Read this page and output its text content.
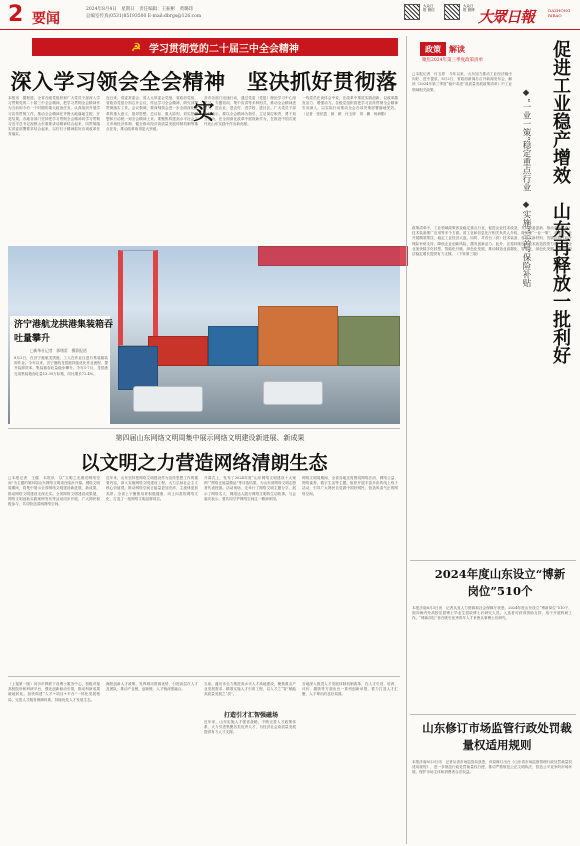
2 要闻
2024年8月4日　星期日　责任编辑：王振彬　黄璐玮
总编室传真(0531)85193500 E-mail:dbrgs@126.com
大众日报 微信
大众日报 微博 大眾日報	DAZHONG RIBAO
☭ 学习贯彻党的二十届三中全会精神
深入学习领会全会精神　坚决抓好贯彻落实
本报讯　据报道，全省各级党组织和广大党员干部深入学习贯彻党的二十届三中全会精神，把学习贯彻全会精神作为当前和今后一个时期的重大政治任务，认真组织开展学习宣传贯彻工作，推动全会精神在齐鲁大地落地生根、开花结果。各地各部门坚持把学习贯彻全会精神同学习贯彻习近平总书记视察山东重要讲话精神结合起来，同贯彻落实省委部署要求结合起来，以钉钉子精神抓好各项改革任务落实。
连日来，省委常委会、省人大常委会党组、省政府党组、省政协党组分别召开会议，传达学习全会精神，研究部署贯彻落实工作。会议强调，要深刻领会进一步全面深化改革的重大意义、指导思想、总目标、重大原则，切实把思想和行动统一到全会精神上来。要聚焦构建高水平社会主义市场经济体制、健全推动经济高质量发展体制机制等重点任务，推动改革取得更大突破。
各市各部门迅速行动，通过党委（党组）理论学习中心组学习、专题培训、集中宣讲等多种形式，推动全会精神进机关、进企业、进农村、进学校、进社区。广大党员干部纷纷表示，要以全会精神为指引，立足岗位职责，勇于担当作为，在全面深化改革中展现新作为，在推进中国式现代化山东实践中作出新贡献。
一线党员在谈体会中说，在改革中推进实践创新，以改革激发活力、增强动力。各级党组织将把学习宣传贯彻全会精神引向深入，以实际行动推动全会各项决策部署落地见效。（记者　张依盈　薛　颖　付玉婷　刘　鹏　杨润勤）
济宁港航龙拱港集装箱吞吐量攀升
□新华社记者　郭绪雷　摄影报道
8月2日，在济宁港航龙拱港，工人在作业区进行集装箱装卸作业。今年以来，济宁港航龙拱港持续优化作业流程，提升装卸效率，集装箱吞吐量稳步攀升。今年1-7月，龙拱港完成集装箱吞吐量13.39万标箱，同比增长72.4%。
第四届山东网络文明周集中展示网络文明建设新进展、新成果
以文明之力营造网络清朗生态
□本报记者　王健　本报讯　以“文明之光照亮网络空间”为主题的第四届山东网络文明周在临沂开幕。网络文明周期间，将集中展示全省网络文明建设新进展、新成果，推动网络文明建设走深走实。全省网络文明建设成果展、网络文明创新实践案例发布等活动同步开展，广大网民积极参与，共同营造清朗网络空间。
近年来，山东坚持把网络文明建设作为宣传思想工作的重要内容，深入实施网络文明建设工程，大力弘扬社会主义核心价值观，推动网络空间正能量更加充沛、主旋律更加高昂。全省上下聚焦培育积极健康、向上向善的网络文化，打造了一批网络文明品牌项目。
开幕式上，发布了2024年度“山东网络文明建设十大案例”“网络正能量精品”等评选结果，为山东省网络文明志愿者代表授旗。活动现场，还举行了网络文明主题分享，展示了网络名人、网络达人践行网络文明的生动故事。与会嘉宾表示，要共同守护网络空间这一精神家园。
网络文明周期间，全省各地还将围绕网络法治、网络公益、网络素养、数字生活等主题，组织开展丰富多彩的线上线下活动，引导广大网民自觉做中国好网民，营造风清气正的网络空间。
（上接第一版）同济市教联下设博士服务中心，积极对接高校院所和科研平台，强化创新驱动引领，推动科研成果就地转化。加快构建“人才+项目+平台”一体化发展格局，完善人才服务保障体系，持续优化人才发展生态。
海阳创新人才政策，发挥城市资源优势，引进高层次人才及团队，推动产业链、创新链、人才链深度融合。
打造引才汇智强磁场
当前，潍坊市全力推进高水平人才高地建设，聚焦重点产业发展需求，精准实施人才引育工程，以人才之“智”赋能高质量发展之“质”。
近年来，山东实施人才强省战略，不断完善人才政策体系，大力引进集聚各类优秀人才，为经济社会高质量发展提供有力人才支撑。
各地深入推进人才发展体制机制改革，在人才引进、培养、评价、激励等方面出台一系列创新举措，着力打造人才汇聚、人才辈出的良好局面。
政策	解读
聚焦2024年第三季度政策清单	促进工业稳产增效　山东再释放一批利好
◆“一业一策”稳定重点行业　◆实施“三首”保险补贴
□本报记者　付玉婷　今年以来，山东加力推动工业经济稳中向好、进中提质。8月2日，省政府新闻办召开新闻发布会，解读《2024年第三季度“稳中求进”高质量发展政策清单》中工业领域相关政策。
政策清单中，工业领域政策涉及稳定重点行业、促进企业技术改造、支持设备更新、推动首台（套）技术装备推广应用等多个方面。省工业和信息化厅相关负责人介绍，将实施“一业一策”，对重点行业开展精准帮扶，稳定工业经济大盘。同时，对首台（套）技术装备、首批次新材料、首版次软件给予保险补贴支持，降低企业创新风险，激发创新活力。此外，还将持续加大技术改造投资力度，引导企业加快数字化转型、智能化升级、绿色化发展，推动制造业高端化、智能化、绿色化发展，为全省经济稳定增长提供有力支撑。（下转第三版）
2024年度山东设立“博新岗位”510个
本报济南8月3日讯　记者从省人力资源和社会保障厅获悉，2024年度山东设立“博新岗位”510个，面向海内外高校应届博士毕业生招收博士后研究人员。入选者可获得资助支持，用于开展科研工作。“博新岗位”旨在吸引优秀青年人才来鲁从事博士后研究。
山东修订市场监管行政处罚裁量权适用规则
本报济南8月3日讯　记者从省市场监管局获悉，该局修订出台《山东省市场监督管理行政处罚裁量权适用规则》，进一步规范行政处罚裁量权行使，推动严格规范公正文明执法，营造公平竞争的市场环境，保护市场主体和消费者合法权益。
